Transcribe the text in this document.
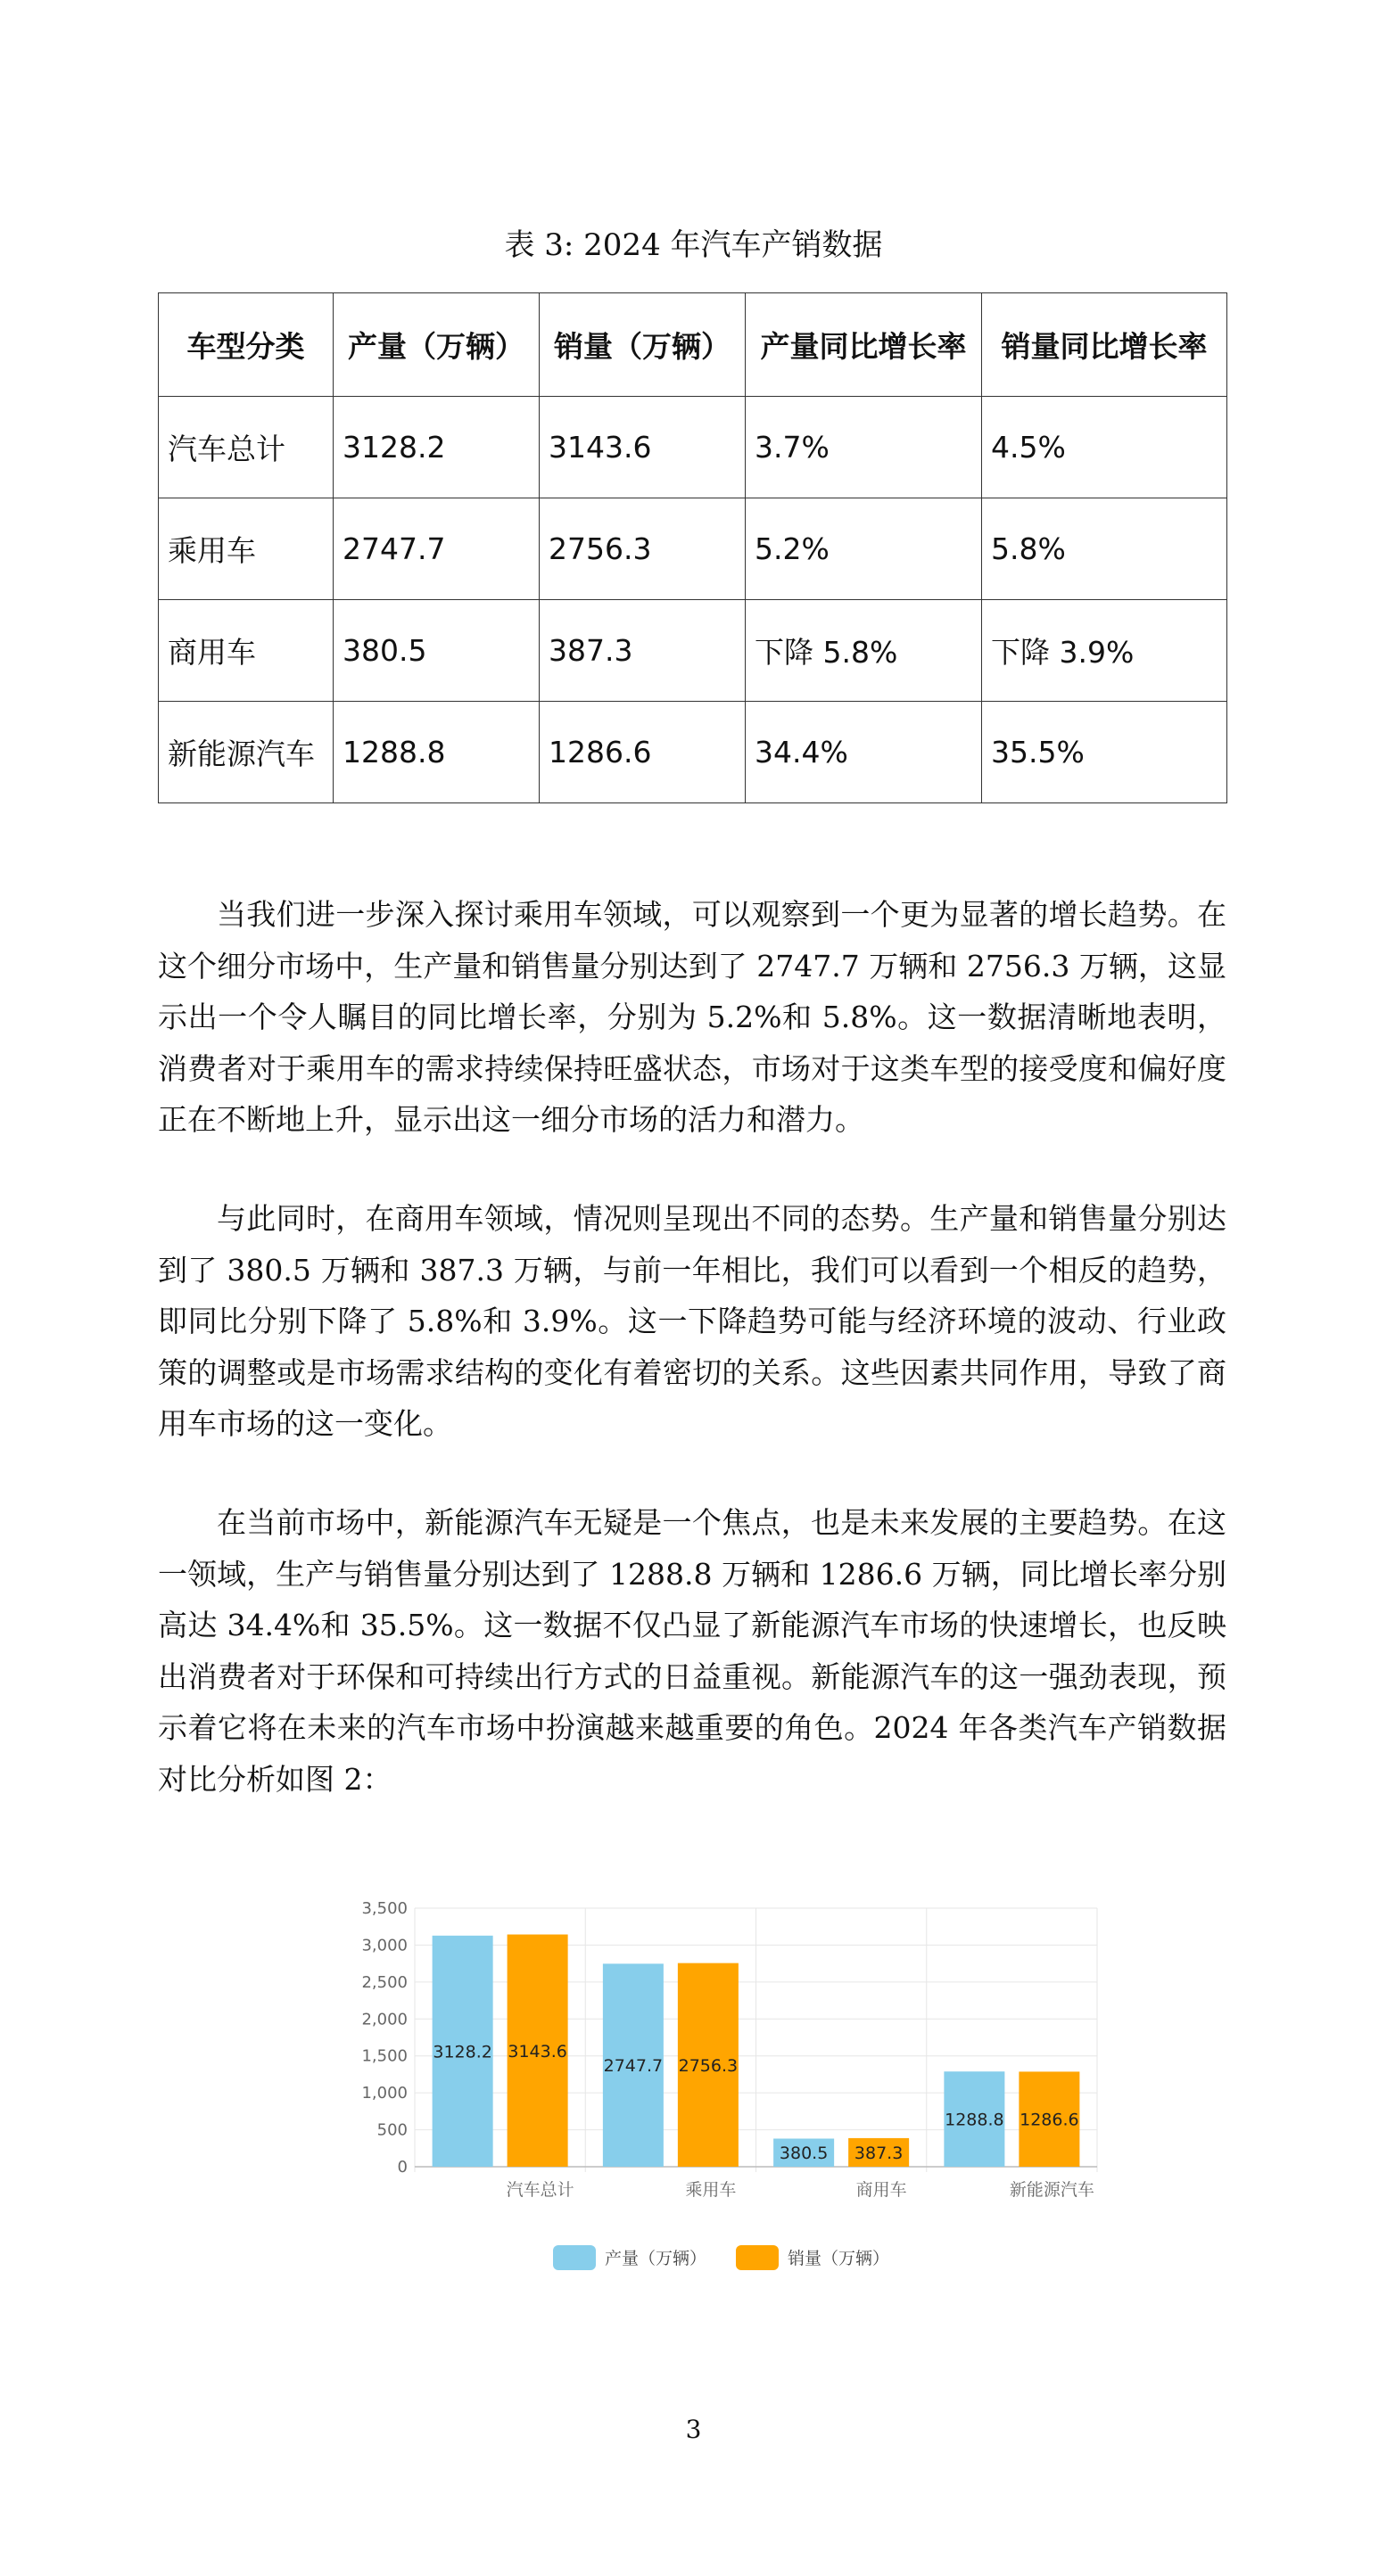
表 3: 2024 年汽车产销数据
车型分类	产量（万辆）	销量（万辆）	产量同比增长率	销量同比增长率
汽车总计	3128.2	3143.6	3.7%	4.5%
乘用车	2747.7	2756.3	5.2%	5.8%
商用车	380.5	387.3	下降 5.8%	下降 3.9%
新能源汽车	1288.8	1286.6	34.4%	35.5%

当我们进一步深入探讨乘用车领域，可以观察到一个更为显著的增长趋势。在这个细分市场中，生产量和销售量分别达到了 2747.7 万辆和 2756.3 万辆，这显示出一个令人瞩目的同比增长率，分别为 5.2%和 5.8%。这一数据清晰地表明，消费者对于乘用车的需求持续保持旺盛状态，市场对于这类车型的接受度和偏好度正在不断地上升，显示出这一细分市场的活力和潜力。

与此同时，在商用车领域，情况则呈现出不同的态势。生产量和销售量分别达到了 380.5 万辆和 387.3 万辆，与前一年相比，我们可以看到一个相反的趋势，即同比分别下降了 5.8%和 3.9%。这一下降趋势可能与经济环境的波动、行业政策的调整或是市场需求结构的变化有着密切的关系。这些因素共同作用，导致了商用车市场的这一变化。

在当前市场中，新能源汽车无疑是一个焦点，也是未来发展的主要趋势。在这一领域，生产与销售量分别达到了 1288.8 万辆和 1286.6 万辆，同比增长率分别高达 34.4%和 35.5%。这一数据不仅凸显了新能源汽车市场的快速增长，也反映出消费者对于环保和可持续出行方式的日益重视。新能源汽车的这一强劲表现，预示着它将在未来的汽车市场中扮演越来越重要的角色。2024 年各类汽车产销数据对比分析如图 2：

0
500
1,000
1,500
2,000
2,500
3,000
3,500
3128.2 3143.6
汽车总计
2747.7 2756.3
乘用车
380.5 387.3
商用车
1288.8 1286.6
新能源汽车
产量（万辆）	销量（万辆）
3
